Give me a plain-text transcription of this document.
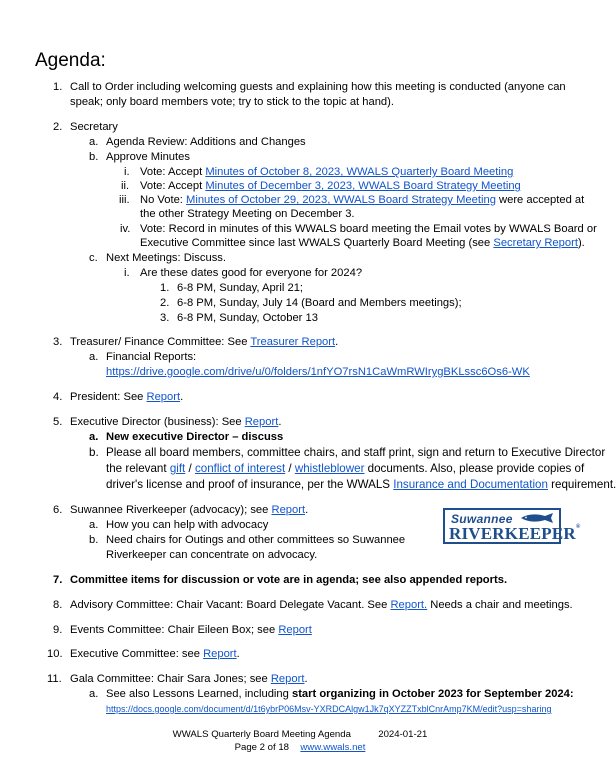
Agenda:
1. Call to Order including welcoming guests and explaining how this meeting is conducted (anyone can
speak; only board members vote; try to stick to the topic at hand).
2. Secretary
a. Agenda Review: Additions and Changes
b. Approve Minutes
i. Vote: Accept Minutes of October 8, 2023, WWALS Quarterly Board Meeting
ii. Vote: Accept Minutes of December 3, 2023, WWALS Board Strategy Meeting
iii. No Vote: Minutes of October 29, 2023, WWALS Board Strategy Meeting were accepted at
the other Strategy Meeting on December 3.
iv. Vote: Record in minutes of this WWALS board meeting the Email votes by WWALS Board or
Executive Committee since last WWALS Quarterly Board Meeting (see Secretary Report).
c. Next Meetings: Discuss.
i. Are these dates good for everyone for 2024?
1. 6-8 PM, Sunday, April 21;
2. 6-8 PM, Sunday, July 14 (Board and Members meetings);
3. 6-8 PM, Sunday, October 13
3. Treasurer/ Finance Committee: See Treasurer Report.
a. Financial Reports:
https://drive.google.com/drive/u/0/folders/1nfYO7rsN1CaWmRWIrygBKLssc6Os6-WK
4. President: See Report.
5. Executive Director (business): See Report.
a. New executive Director – discuss
b. Please all board members, committee chairs, and staff print, sign and return to Executive Director
the relevant gift / conflict of interest / whistleblower documents. Also, please provide copies of
driver's license and proof of insurance, per the WWALS Insurance and Documentation requirement.
6. Suwannee Riverkeeper (advocacy); see Report.
a. How you can help with advocacy
b. Need chairs for Outings and other committees so Suwannee
Riverkeeper can concentrate on advocacy.
Suwannee
RIVERKEEPER®
7. Committee items for discussion or vote are in agenda; see also appended reports.
8. Advisory Committee: Chair Vacant: Board Delegate Vacant. See Report. Needs a chair and meetings.
9. Events Committee: Chair Eileen Box; see Report
10. Executive Committee: see Report.
11. Gala Committee: Chair Sara Jones; see Report.
a. See also Lessons Learned, including start organizing in October 2023 for September 2024:
https://docs.google.com/document/d/1t6ybrP06Msv-YXRDCAlgw1Jk7qXYZZTxblCnrAmp7KM/edit?usp=sharing
WWALS Quarterly Board Meeting Agenda	2024-01-21
Page 2 of 18 www.wwals.net
